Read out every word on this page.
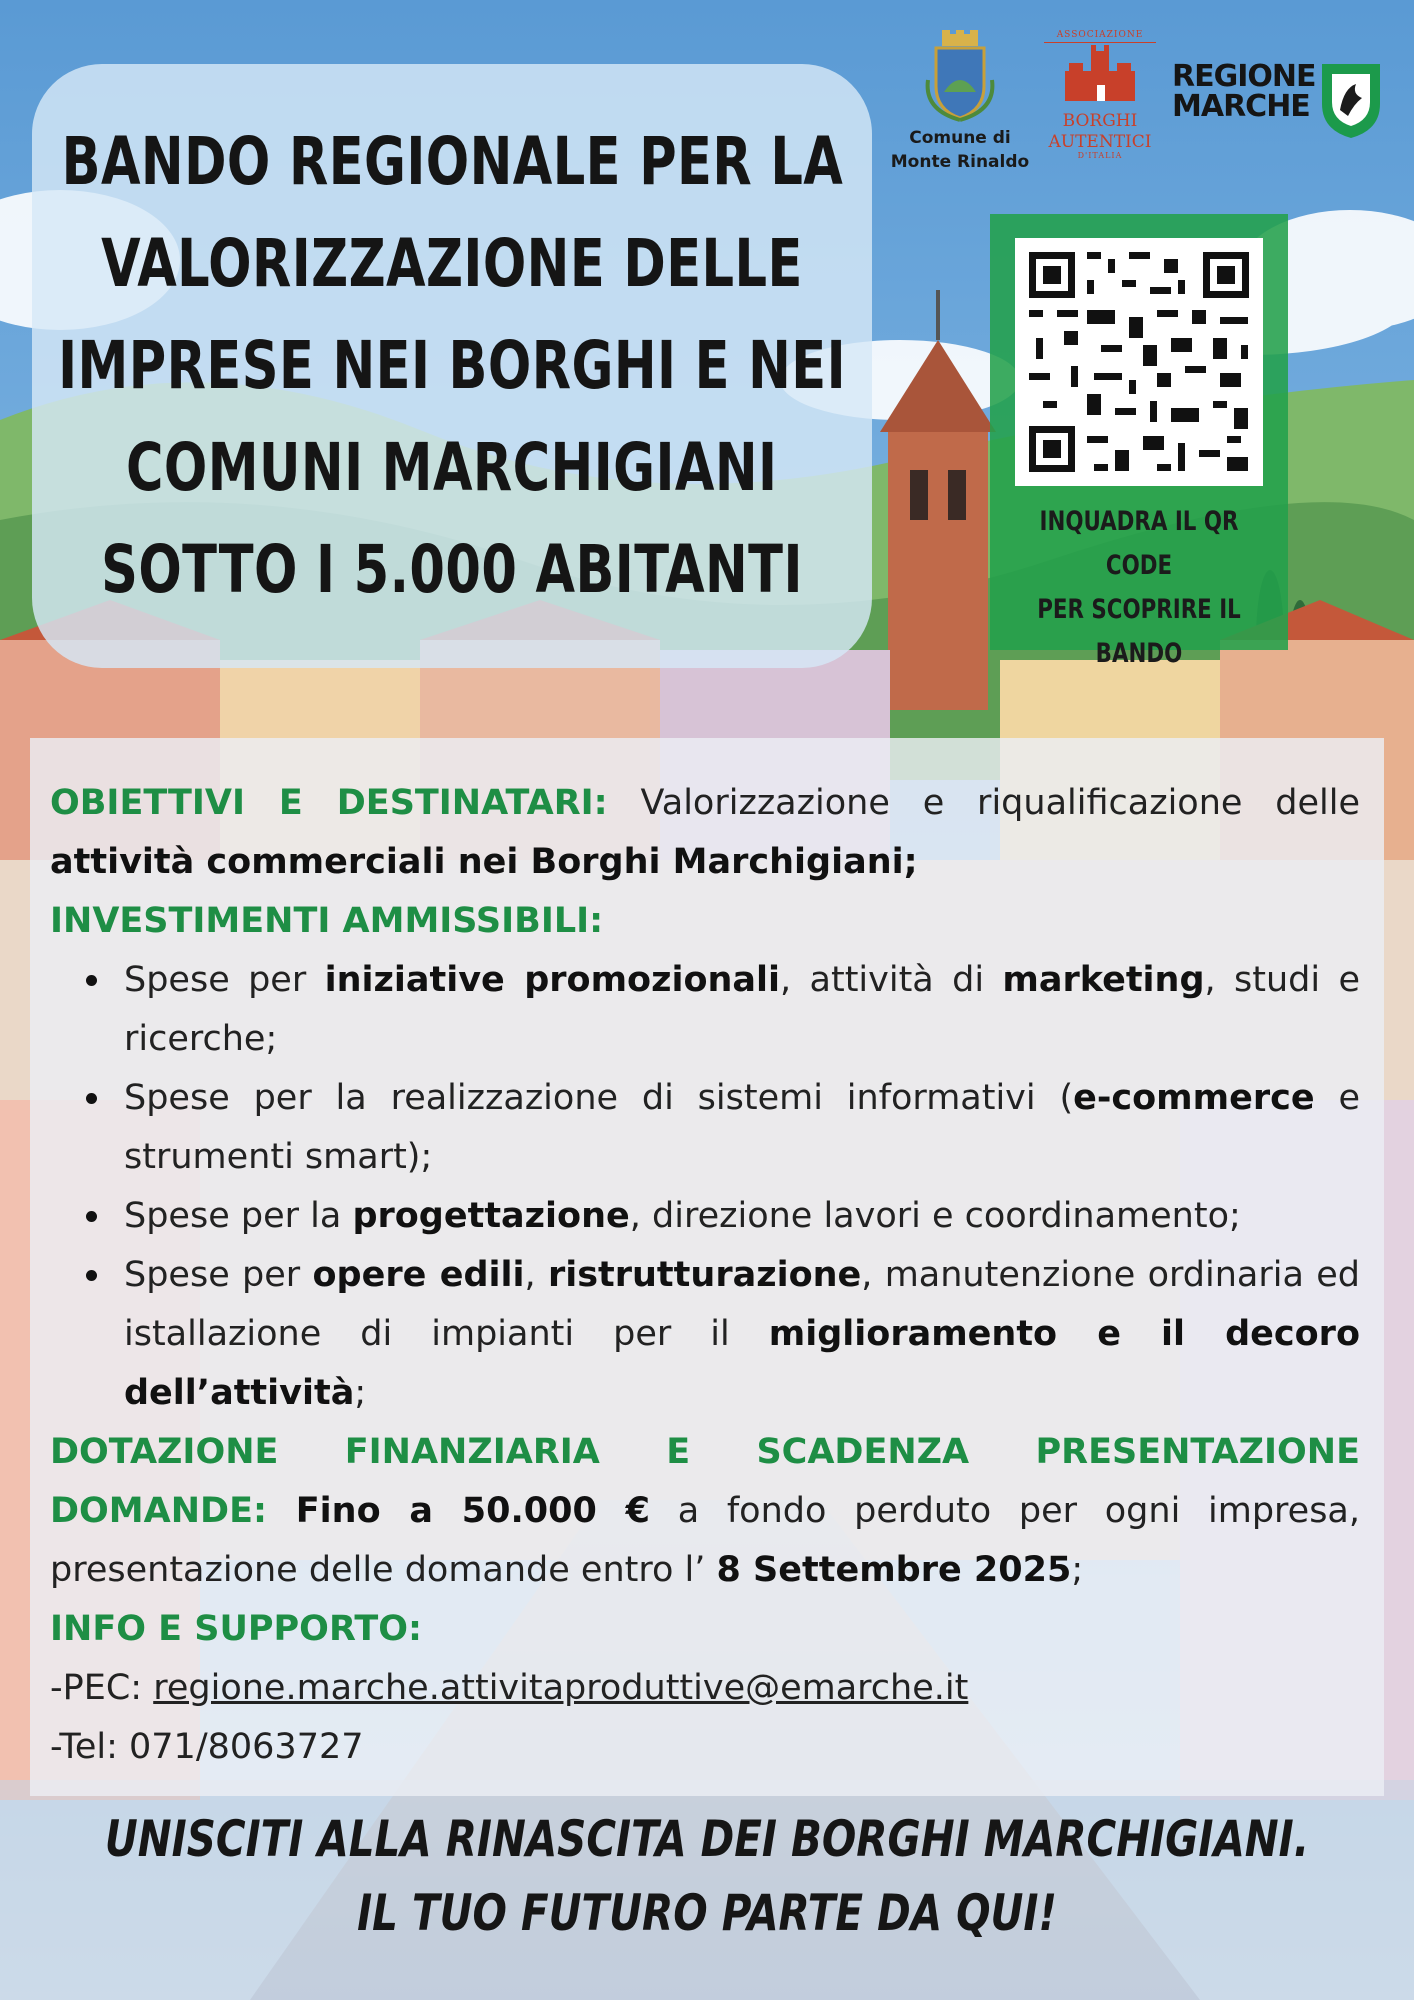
BANDO REGIONALE PER LA
VALORIZZAZIONE DELLE
IMPRESE NEI BORGHI E NEI
COMUNI MARCHIGIANI
SOTTO I 5.000 ABITANTI
Comune di
Monte Rinaldo
ASSOCIAZIONE
BORGHI
AUTENTICI
D'ITALIA
REGIONE
MARCHE
INQUADRA IL QR CODE
PER SCOPRIRE IL
BANDO

OBIETTIVI E DESTINATARI: Valorizzazione e riqualificazione delle attività commerciali nei Borghi Marchigiani;

INVESTIMENTI AMMISSIBILI:

Spese per iniziative promozionali, attività di marketing, studi e ricerche;
Spese per la realizzazione di sistemi informativi (e-commerce e strumenti smart);
Spese per la progettazione, direzione lavori e coordinamento;
Spese per opere edili, ristrutturazione, manutenzione ordinaria ed istallazione di impianti per il miglioramento e il decoro dell’attività;

DOTAZIONE FINANZIARIA E SCADENZA PRESENTAZIONE DOMANDE: Fino a 50.000 € a fondo perduto per ogni impresa, presentazione delle domande entro l’ 8 Settembre 2025;

INFO E SUPPORTO:

-PEC: regione.marche.attivitaproduttive@emarche.it

-Tel: 071/8063727

UNISCITI ALLA RINASCITA DEI BORGHI MARCHIGIANI.
IL TUO FUTURO PARTE DA QUI!
